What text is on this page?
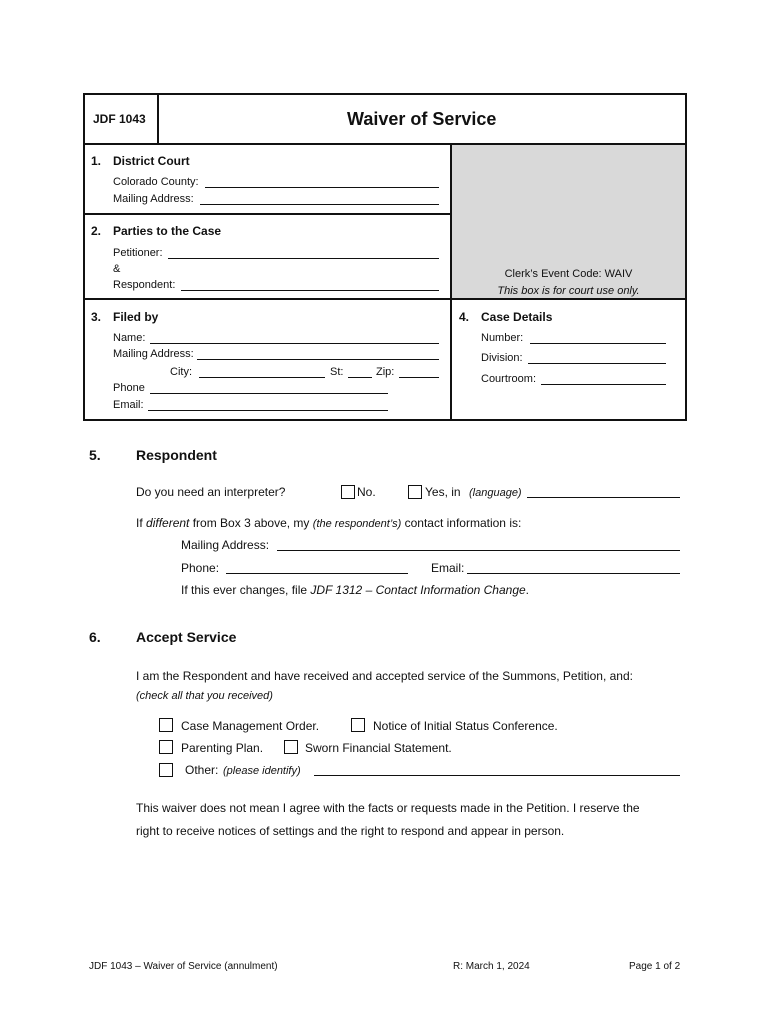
JDF 1043	Waiver of Service
1. District Court
Colorado County:
Mailing Address:
2. Parties to the Case
Petitioner:
&
Respondent:
Clerk’s Event Code: WAIV
This box is for court use only.
3. Filed by
Name:
Mailing Address:
City:	St:	Zip:
Phone
Email:
4. Case Details
Number:
Division:
Courtroom:
5.	Respondent
Do you need an interpreter?	No.	Yes, in (language)
If different from Box 3 above, my (the respondent’s) contact information is:
Mailing Address:
Phone:	Email:
If this ever changes, file JDF 1312 – Contact Information Change.
6.	Accept Service
I am the Respondent and have received and accepted service of the Summons, Petition, and:
(check all that you received)
Case Management Order.	Notice of Initial Status Conference.
Parenting Plan.	Sworn Financial Statement.
Other: (please identify)
This waiver does not mean I agree with the facts or requests made in the Petition. I reserve the
right to receive notices of settings and the right to respond and appear in person.
JDF 1043 – Waiver of Service (annulment)	R: March 1, 2024	Page 1 of 2
